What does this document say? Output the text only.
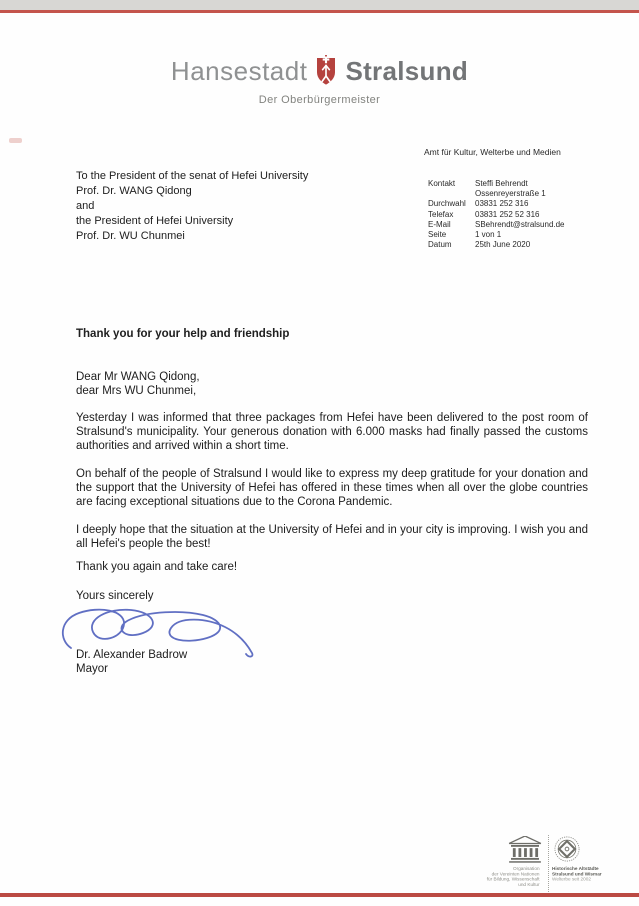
Hansestadt Stralsund
Der Oberbürgermeister
Amt für Kultur, Welterbe und Medien
Kontakt	Steffi Behrendt
Ossenreyerstraße 1
Durchwahl	03831 252 316
Telefax	03831 252 52 316
E-Mail	SBehrendt@stralsund.de
Seite	1 von 1
Datum	25th June 2020
To the President of the senat of Hefei University
Prof. Dr. WANG Qidong
and
the President of Hefei University
Prof. Dr. WU Chunmei
Thank you for your help and friendship
Dear Mr WANG Qidong,
dear Mrs WU Chunmei,
Yesterday I was informed that three packages from Hefei have been delivered to the post room of Stralsund's municipality. Your generous donation with 6.000 masks had finally passed the customs authorities and arrived within a short time.
On behalf of the people of Stralsund I would like to express my deep gratitude for your donation and the support that the University of Hefei has offered in these times when all over the globe countries are facing exceptional situations due to the Corona Pandemic.
I deeply hope that the situation at the University of Hefei and in your city is improving. I wish you and all Hefei's people the best!
Thank you again and take care!
Yours sincerely
Dr. Alexander Badrow
Mayor
Organisation
der Vereinten Nationen
für Bildung, Wissenschaft
und Kultur
Historische Altstädte
Stralsund und Wismar
Welterbe seit 2002
